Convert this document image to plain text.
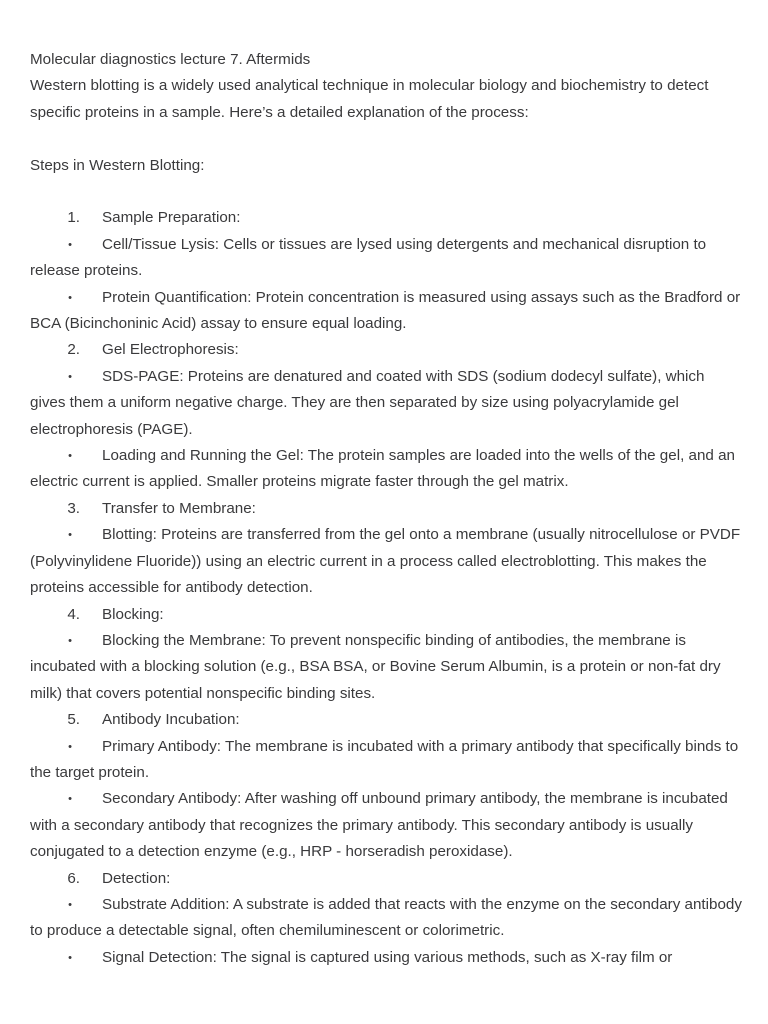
Molecular diagnostics lecture 7. Aftermids
Western blotting is a widely used analytical technique in molecular biology and biochemistry to detect specific proteins in a sample. Here’s a detailed explanation of the process:
Steps in Western Blotting:
1. Sample Preparation:
• Cell/Tissue Lysis: Cells or tissues are lysed using detergents and mechanical disruption to release proteins.
• Protein Quantification: Protein concentration is measured using assays such as the Bradford or BCA (Bicinchoninic Acid) assay to ensure equal loading.
2. Gel Electrophoresis:
• SDS-PAGE: Proteins are denatured and coated with SDS (sodium dodecyl sulfate), which gives them a uniform negative charge. They are then separated by size using polyacrylamide gel electrophoresis (PAGE).
• Loading and Running the Gel: The protein samples are loaded into the wells of the gel, and an electric current is applied. Smaller proteins migrate faster through the gel matrix.
3. Transfer to Membrane:
• Blotting: Proteins are transferred from the gel onto a membrane (usually nitrocellulose or PVDF (Polyvinylidene Fluoride)) using an electric current in a process called electroblotting. This makes the proteins accessible for antibody detection.
4. Blocking:
• Blocking the Membrane: To prevent nonspecific binding of antibodies, the membrane is incubated with a blocking solution (e.g., BSA BSA, or Bovine Serum Albumin, is a protein or non-fat dry milk) that covers potential nonspecific binding sites.
5. Antibody Incubation:
• Primary Antibody: The membrane is incubated with a primary antibody that specifically binds to the target protein.
• Secondary Antibody: After washing off unbound primary antibody, the membrane is incubated with a secondary antibody that recognizes the primary antibody. This secondary antibody is usually conjugated to a detection enzyme (e.g., HRP - horseradish peroxidase).
6. Detection:
• Substrate Addition: A substrate is added that reacts with the enzyme on the secondary antibody to produce a detectable signal, often chemiluminescent or colorimetric.
• Signal Detection: The signal is captured using various methods, such as X-ray film or
